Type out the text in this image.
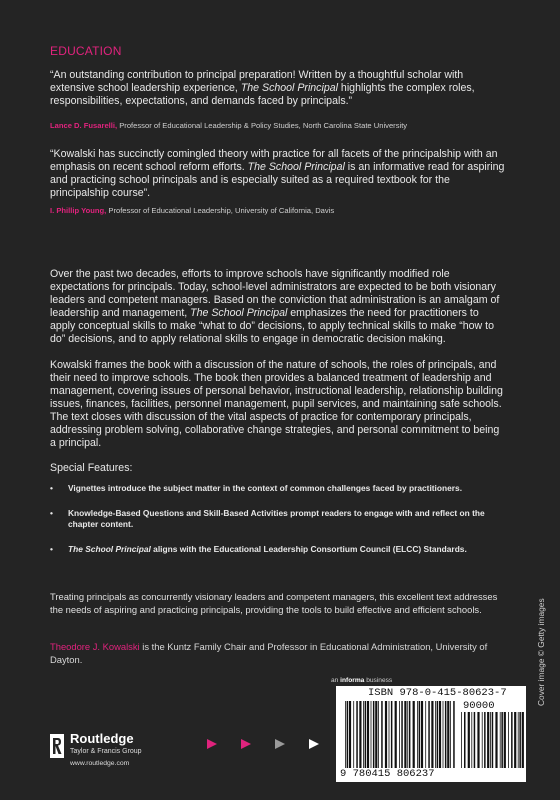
EDUCATION

“An outstanding contribution to principal preparation! Written by a thoughtful scholar with extensive school leadership experience, The School Principal highlights the complex roles, responsibilities, expectations, and demands faced by principals.”

Lance D. Fusarelli, Professor of Educational Leadership & Policy Studies, North Carolina State University

“Kowalski has succinctly comingled theory with practice for all facets of the principalship with an emphasis on recent school reform efforts. The School Principal is an informative read for aspiring and practicing school principals and is especially suited as a required textbook for the principalship course”.

I. Phillip Young, Professor of Educational Leadership, University of California, Davis

Over the past two decades, efforts to improve schools have significantly modified role expectations for principals. Today, school-level administrators are expected to be both visionary leaders and competent managers. Based on the conviction that administration is an amalgam of leadership and management, The School Principal emphasizes the need for practitioners to apply conceptual skills to make “what to do” decisions, to apply technical skills to make “how to do” decisions, and to apply relational skills to engage in democratic decision making.

Kowalski frames the book with a discussion of the nature of schools, the roles of principals, and their need to improve schools. The book then provides a balanced treatment of leadership and management, covering issues of personal behavior, instructional leadership, relationship building issues, finances, facilities, personnel management, pupil services, and maintaining safe schools. The text closes with discussion of the vital aspects of practice for contemporary principals, addressing problem solving, collaborative change strategies, and personal commitment to being a principal.

Special Features:

• Vignettes introduce the subject matter in the context of common challenges faced by practitioners.
• Knowledge-Based Questions and Skill-Based Activities prompt readers to engage with and reflect on the chapter content.
• The School Principal aligns with the Educational Leadership Consortium Council (ELCC) Standards.

Treating principals as concurrently visionary leaders and competent managers, this excellent text addresses the needs of aspiring and practicing principals, providing the tools to build effective and efficient schools.

Theodore J. Kowalski is the Kuntz Family Chair and Professor in Educational Administration, University of Dayton.	Cover image © Getty images
an informa business
Routledge
Taylor & Francis Group
www.routledge.com
ISBN 978-0-415-80623-7
90000
9 780415 806237
